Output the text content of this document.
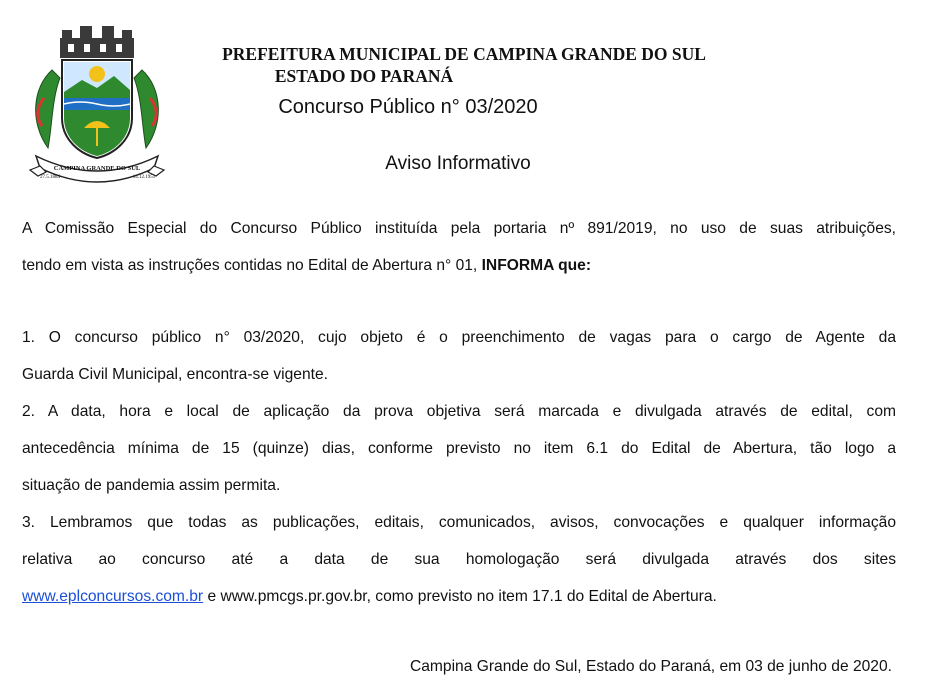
CAMPINA GRANDE DO SUL
27.5.1884	14.12.1951
PREFEITURA MUNICIPAL DE CAMPINA GRANDE DO SUL
ESTADO DO PARANÁ
Concurso Público n° 03/2020
Aviso Informativo
A Comissão Especial do Concurso Público instituída pela portaria nº 891/2019, no uso de suas atribuições,
tendo em vista as instruções contidas no Edital de Abertura n° 01, INFORMA que:
1. O concurso público n° 03/2020, cujo objeto é o preenchimento de vagas para o cargo de Agente da
Guarda Civil Municipal, encontra-se vigente.
2. A data, hora e local de aplicação da prova objetiva será marcada e divulgada através de edital, com
antecedência mínima de 15 (quinze) dias, conforme previsto no item 6.1 do Edital de Abertura, tão logo a
situação de pandemia assim permita.
3. Lembramos que todas as publicações, editais, comunicados, avisos, convocações e qualquer informação
relativa ao concurso até a data de sua homologação será divulgada através dos sites
www.eplconcursos.com.br e www.pmcgs.pr.gov.br, como previsto no item 17.1 do Edital de Abertura.
Campina Grande do Sul, Estado do Paraná, em 03 de junho de 2020.
